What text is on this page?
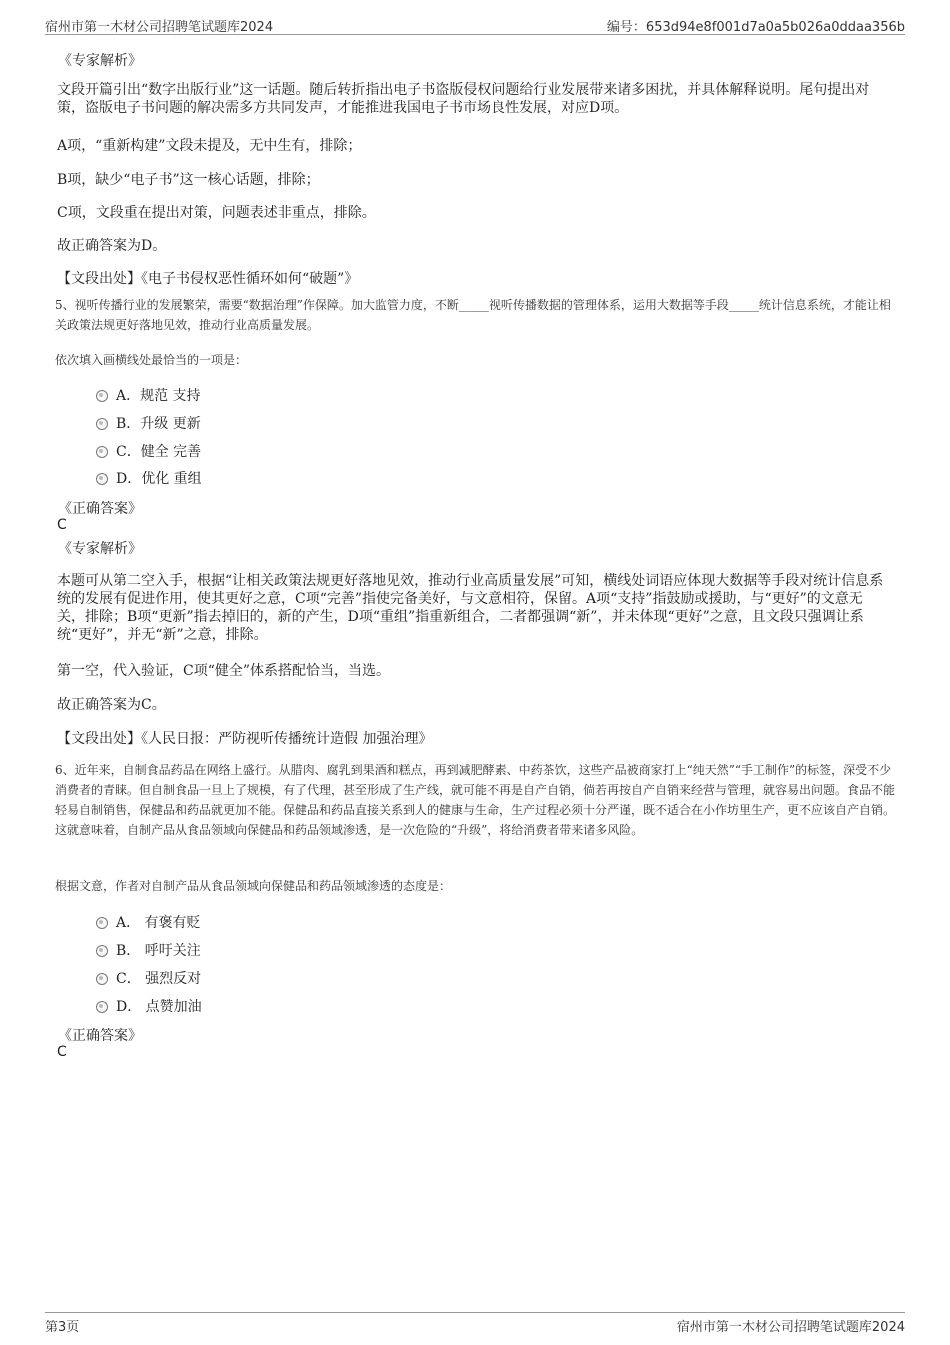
宿州市第一木材公司招聘笔试题库2024	编号：653d94e8f001d7a0a5b026a0ddaa356b
《专家解析》
文段开篇引出“数字出版行业”这一话题。随后转折指出电子书盗版侵权问题给行业发展带来诸多困扰，并具体解释说明。尾句提出对策，盗版电子书问题的解决需多方共同发声，才能推进我国电子书市场良性发展，对应D项。
A项，“重新构建”文段未提及，无中生有，排除；
B项，缺少“电子书”这一核心话题，排除；
C项，文段重在提出对策，问题表述非重点，排除。
故正确答案为D。
【文段出处】《电子书侵权恶性循环如何“破题”》
5、视听传播行业的发展繁荣，需要“数据治理”作保障。加大监管力度，不断_____视听传播数据的管理体系，运用大数据等手段_____统计信息系统，才能让相关政策法规更好落地见效，推动行业高质量发展。
依次填入画横线处最恰当的一项是：
A．规范 支持
B．升级 更新
C．健全 完善
D．优化 重组
《正确答案》
C
《专家解析》
本题可从第二空入手，根据“让相关政策法规更好落地见效，推动行业高质量发展”可知，横线处词语应体现大数据等手段对统计信息系统的发展有促进作用，使其更好之意，C项“完善”指使完备美好，与文意相符，保留。A项“支持”指鼓励或援助，与“更好”的文意无关，排除；B项“更新”指去掉旧的，新的产生，D项“重组”指重新组合，二者都强调“新”，并未体现“更好”之意，且文段只强调让系统“更好”，并无“新”之意，排除。
第一空，代入验证，C项“健全”体系搭配恰当，当选。
故正确答案为C。
【文段出处】《人民日报：严防视听传播统计造假 加强治理》
6、近年来，自制食品药品在网络上盛行。从腊肉、腐乳到果酒和糕点，再到减肥酵素、中药茶饮，这些产品被商家打上“纯天然”“手工制作”的标签，深受不少消费者的青睐。但自制食品一旦上了规模，有了代理，甚至形成了生产线，就可能不再是自产自销，倘若再按自产自销来经营与管理，就容易出问题。食品不能轻易自制销售，保健品和药品就更加不能。保健品和药品直接关系到人的健康与生命，生产过程必须十分严谨，既不适合在小作坊里生产，更不应该自产自销。这就意味着，自制产品从食品领域向保健品和药品领域渗透，是一次危险的“升级”，将给消费者带来诸多风险。
根据文意，作者对自制产品从食品领域向保健品和药品领域渗透的态度是：
A． 有褒有贬
B． 呼吁关注
C． 强烈反对
D． 点赞加油
《正确答案》
C
第3页	宿州市第一木材公司招聘笔试题库2024
